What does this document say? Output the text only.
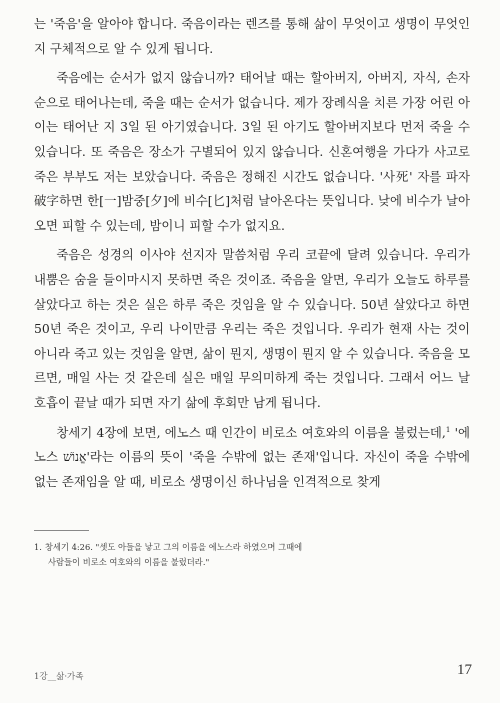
는 '죽음'을 알아야 합니다. 죽음이라는 렌즈를 통해 삶이 무엇이고 생명이 무엇인지 구체적으로 알 수 있게 됩니다.

죽음에는 순서가 없지 않습니까? 태어날 때는 할아버지, 아버지, 자식, 손자 순으로 태어나는데, 죽을 때는 순서가 없습니다. 제가 장례식을 치른 가장 어린 아이는 태어난 지 3일 된 아기였습니다. 3일 된 아기도 할아버지보다 먼저 죽을 수 있습니다. 또 죽음은 장소가 구별되어 있지 않습니다. 신혼여행을 가다가 사고로 죽은 부부도 저는 보았습니다. 죽음은 정해진 시간도 없습니다. '사死' 자를 파자破字하면 한[一]밤중[夕]에 비수[匕]처럼 날아온다는 뜻입니다. 낮에 비수가 날아오면 피할 수 있는데, 밤이니 피할 수가 없지요.

죽음은 성경의 이사야 선지자 말씀처럼 우리 코끝에 달려 있습니다. 우리가 내뿜은 숨을 들이마시지 못하면 죽은 것이죠. 죽음을 알면, 우리가 오늘도 하루를 살았다고 하는 것은 실은 하루 죽은 것임을 알 수 있습니다. 50년 살았다고 하면 50년 죽은 것이고, 우리 나이만큼 우리는 죽은 것입니다. 우리가 현재 사는 것이 아니라 죽고 있는 것임을 알면, 삶이 뭔지, 생명이 뭔지 알 수 있습니다. 죽음을 모르면, 매일 사는 것 같은데 실은 매일 무의미하게 죽는 것입니다. 그래서 어느 날 호흡이 끝날 때가 되면 자기 삶에 후회만 남게 됩니다.

창세기 4장에 보면, 에노스 때 인간이 비로소 여호와의 이름을 불렀는데,$^1$ '에노스 אֱנוֹשׁ'라는 이름의 뜻이 '죽을 수밖에 없는 존재'입니다. 자신이 죽을 수밖에 없는 존재임을 알 때, 비로소 생명이신 하나님을 인격적으로 찾게

1. 창세기 4:26. "셋도 아들을 낳고 그의 이름을 에노스라 하였으며 그때에

사람들이 비로소 여호와의 이름을 불렀더라."

1강__삶·가족	17
